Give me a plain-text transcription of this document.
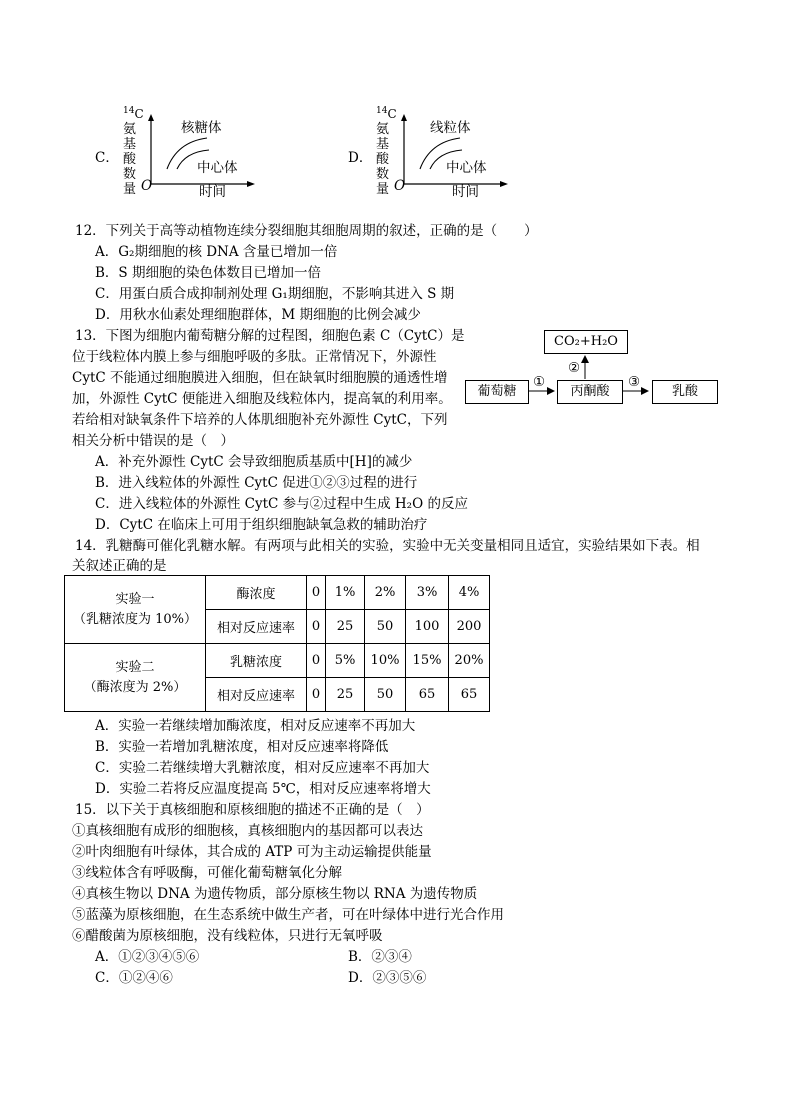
C．
$^{14}$C
氨
基
酸
数
量 O
核糖体
中心体
时间
D．
$^{14}$C
氨
基
酸
数
量 O
线粒体
中心体
时间
12．下列关于高等动植物连续分裂细胞其细胞周期的叙述，正确的是（　　）
A．G₂期细胞的核 DNA 含量已增加一倍
B．S 期细胞的染色体数目已增加一倍
C．用蛋白质合成抑制剂处理 G₁期细胞，不影响其进入 S 期
D．用秋水仙素处理细胞群体，M 期细胞的比例会减少
13．下图为细胞内葡萄糖分解的过程图，细胞色素 C（CytC）是
位于线粒体内膜上参与细胞呼吸的多肽。正常情况下，外源性
CytC 不能通过细胞膜进入细胞，但在缺氧时细胞膜的通透性增
加，外源性 CytC 便能进入细胞及线粒体内，提高氧的利用率。
若给相对缺氧条件下培养的人体肌细胞补充外源性 CytC，下列
相关分析中错误的是（　）
A．补充外源性 CytC 会导致细胞质基质中[H]的减少
B．进入线粒体的外源性 CytC 促进①②③过程的进行
C．进入线粒体的外源性 CytC 参与②过程中生成 H₂O 的反应
D．CytC 在临床上可用于组织细胞缺氧急救的辅助治疗
CO₂+H₂O
葡萄糖	丙酮酸	乳酸
①
②
③
14．乳糖酶可催化乳糖水解。有两项与此相关的实验，实验中无关变量相同且适宜，实验结果如下表。相
关叙述正确的是
实验一
（乳糖浓度为 10%）	酶浓度	0	1%	2%	3%	4%
	相对反应速率	0	25	50	100	200

实验二
（酶浓度为 2%）	乳糖浓度	0	5%	10%	15%	20%
	相对反应速率	0	25	50	65	65
A．实验一若继续增加酶浓度，相对反应速率不再加大
B．实验一若增加乳糖浓度，相对反应速率将降低
C．实验二若继续增大乳糖浓度，相对反应速率不再加大
D．实验二若将反应温度提高 5℃，相对反应速率将增大
15．以下关于真核细胞和原核细胞的描述不正确的是（　）
①真核细胞有成形的细胞核，真核细胞内的基因都可以表达
②叶肉细胞有叶绿体，其合成的 ATP 可为主动运输提供能量
③线粒体含有呼吸酶，可催化葡萄糖氧化分解
④真核生物以 DNA 为遗传物质，部分原核生物以 RNA 为遗传物质
⑤蓝藻为原核细胞，在生态系统中做生产者，可在叶绿体中进行光合作用
⑥醋酸菌为原核细胞，没有线粒体，只进行无氧呼吸
A．①②③④⑤⑥	B．②③④
C．①②④⑥	D．②③⑤⑥
